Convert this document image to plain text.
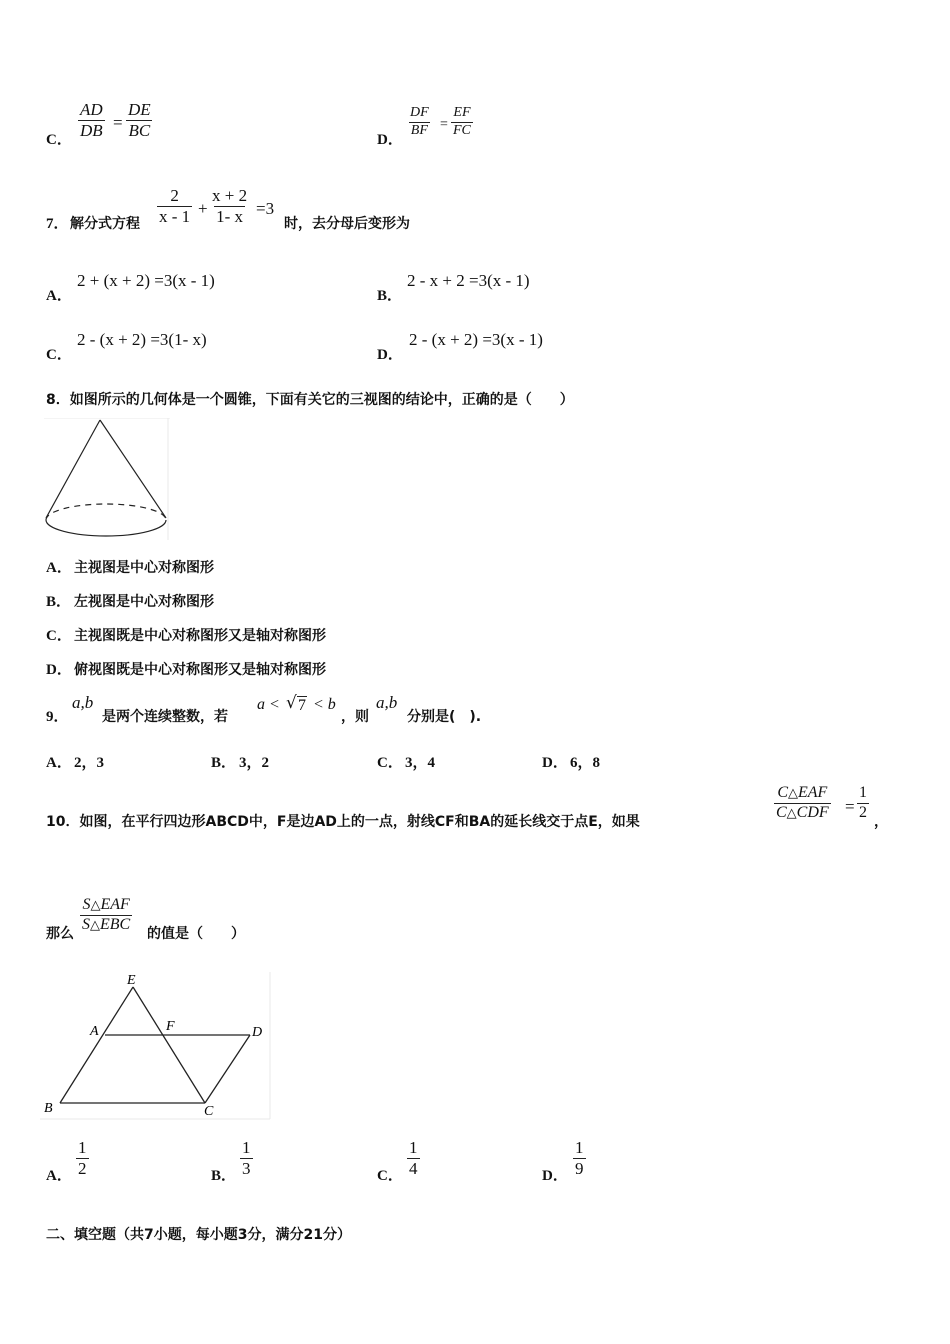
C．
$\frac{AD}{DB} = \frac{DE}{BC}$
D．
$\frac{DF}{BF} = \frac{EF}{FC}$
7． 解分式方程 $\frac{2}{x - 1} + \frac{x + 2}{1- x} =3$
时，去分母后变形为
A．
2 + (x + 2) =3(x - 1)
B．
2 - x + 2 =3(x - 1)
C．
2 - (x + 2) =3(1- x)
D．
2 - (x + 2) =3(x - 1)
8．如图所示的几何体是一个圆锥，下面有关它的三视图的结论中，正确的是（　　）
A． 主视图是中心对称图形
B． 左视图是中心对称图形
C． 主视图既是中心对称图形又是轴对称图形
D． 俯视图既是中心对称图形又是轴对称图形
9．
a,b
是两个连续整数，若
a < √ 7 < b
，则
a,b
分别是(　).
A． 2，3	B． 3，2	C． 3，4	D． 6，8
10．如图，在平行四边形ABCD中，F是边AD上的一点，射线CF和BA的延长线交于点E，如果
C△EAF
C△CDF = $\frac{1}{2}$
，
那么
S△EAF
S△EBC
的值是（　　）
E
A	F	D
B	C
A． $\frac{1}{2}$	B． $\frac{1}{3}$	C． $\frac{1}{4}$	D． $\frac{1}{9}$
二、填空题（共7小题，每小题3分，满分21分）
